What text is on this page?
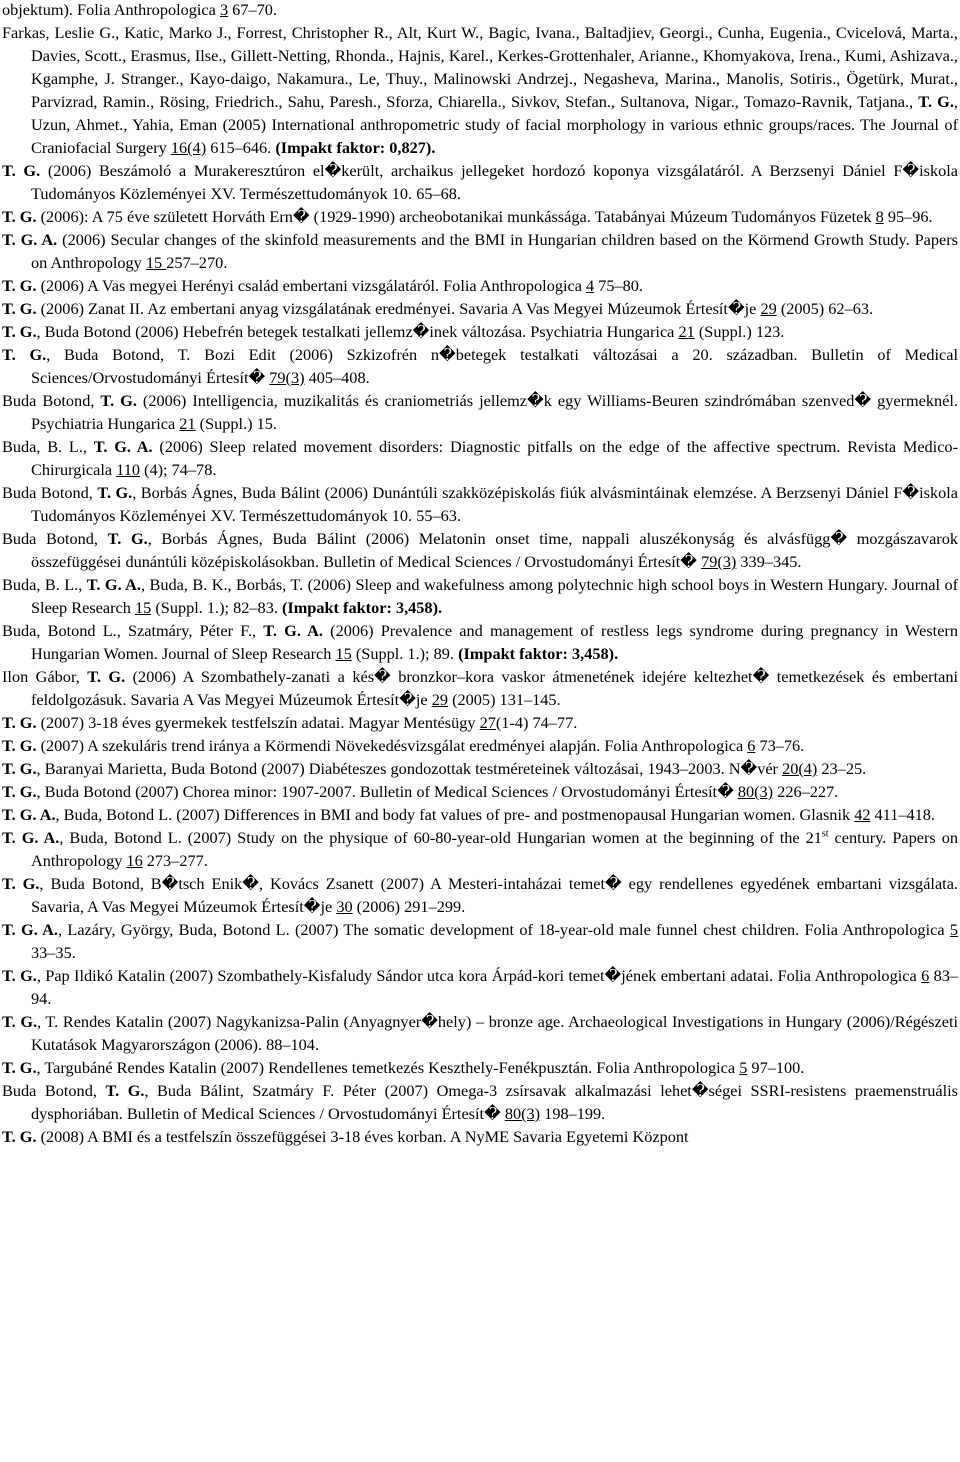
objektum). Folia Anthropologica 3 67–70.

Farkas, Leslie G., Katic, Marko J., Forrest, Christopher R., Alt, Kurt W., Bagic, Ivana., Baltadjiev, Georgi., Cunha, Eugenia., Cvicelová, Marta., Davies, Scott., Erasmus, Ilse., Gillett-Netting, Rhonda., Hajnis, Karel., Kerkes-Grottenhaler, Arianne., Khomyakova, Irena., Kumi, Ashizava., Kgamphe, J. Stranger., Kayo-daigo, Nakamura., Le, Thuy., Malinowski Andrzej., Negasheva, Marina., Manolis, Sotiris., Ögetürk, Murat., Parvizrad, Ramin., Rösing, Friedrich., Sahu, Paresh., Sforza, Chiarella., Sivkov, Stefan., Sultanova, Nigar., Tomazo-Ravnik, Tatjana., T. G., Uzun, Ahmet., Yahia, Eman (2005) International anthropometric study of facial morphology in various ethnic groups/races. The Journal of Craniofacial Surgery 16(4) 615–646. (Impakt faktor: 0,827).

T. G. (2006) Beszámoló a Murakeresztúron el�került, archaikus jellegeket hordozó koponya vizsgálatáról. A Berzsenyi Dániel F�iskola Tudományos Közleményei XV. Természettudományok 10. 65–68.

T. G. (2006): A 75 éve született Horváth Ern� (1929-1990) archeobotanikai munkássága. Tatabányai Múzeum Tudományos Füzetek 8 95–96.

T. G. A. (2006) Secular changes of the skinfold measurements and the BMI in Hungarian children based on the Körmend Growth Study. Papers on Anthropology 15 257–270.

T. G. (2006) A Vas megyei Herényi család embertani vizsgálatáról. Folia Anthropologica 4 75–80.

T. G. (2006) Zanat II. Az embertani anyag vizsgálatának eredményei. Savaria A Vas Megyei Múzeumok Értesít�je 29 (2005) 62–63.

T. G., Buda Botond (2006) Hebefrén betegek testalkati jellemz�inek változása. Psychiatria Hungarica 21 (Suppl.) 123.

T. G., Buda Botond, T. Bozi Edit (2006) Szkizofrén n�betegek testalkati változásai a 20. században. Bulletin of Medical Sciences/Orvostudományi Értesít� 79(3) 405–408.

Buda Botond, T. G. (2006) Intelligencia, muzikalitás és craniometriás jellemz�k egy Williams-Beuren szindrómában szenved� gyermeknél. Psychiatria Hungarica 21 (Suppl.) 15.

Buda, B. L., T. G. A. (2006) Sleep related movement disorders: Diagnostic pitfalls on the edge of the affective spectrum. Revista Medico-Chirurgicala 110 (4); 74–78.

Buda Botond, T. G., Borbás Ágnes, Buda Bálint (2006) Dunántúli szakközépiskolás fiúk alvásmintáinak elemzése. A Berzsenyi Dániel F�iskola Tudományos Közleményei XV. Természettudományok 10. 55–63.

Buda Botond, T. G., Borbás Ágnes, Buda Bálint (2006) Melatonin onset time, nappali aluszékonyság és alvásfügg� mozgászavarok összefüggései dunántúli középiskolásokban. Bulletin of Medical Sciences / Orvostudományi Értesít� 79(3) 339–345.

Buda, B. L., T. G. A., Buda, B. K., Borbás, T. (2006) Sleep and wakefulness among polytechnic high school boys in Western Hungary. Journal of Sleep Research 15 (Suppl. 1.); 82–83. (Impakt faktor: 3,458).

Buda, Botond L., Szatmáry, Péter F., T. G. A. (2006) Prevalence and management of restless legs syndrome during pregnancy in Western Hungarian Women. Journal of Sleep Research 15 (Suppl. 1.); 89. (Impakt faktor: 3,458).

Ilon Gábor, T. G. (2006) A Szombathely-zanati a kés� bronzkor–kora vaskor átmenetének idejére keltezhet� temetkezések és embertani feldolgozásuk. Savaria A Vas Megyei Múzeumok Értesít�je 29 (2005) 131–145.

T. G. (2007) 3-18 éves gyermekek testfelszín adatai. Magyar Mentésügy 27(1-4) 74–77.

T. G. (2007) A szekuláris trend iránya a Körmendi Növekedésvizsgálat eredményei alapján. Folia Anthropologica 6 73–76.

T. G., Baranyai Marietta, Buda Botond (2007) Diabéteszes gondozottak testméreteinek változásai, 1943–2003. N�vér 20(4) 23–25.

T. G., Buda Botond (2007) Chorea minor: 1907-2007. Bulletin of Medical Sciences / Orvostudományi Értesít� 80(3) 226–227.

T. G. A., Buda, Botond L. (2007) Differences in BMI and body fat values of pre- and postmenopausal Hungarian women. Glasnik 42 411–418.

T. G. A., Buda, Botond L. (2007) Study on the physique of 60-80-year-old Hungarian women at the beginning of the 21st century. Papers on Anthropology 16 273–277.

T. G., Buda Botond, B�tsch Enik�, Kovács Zsanett (2007) A Mesteri-intaházai temet� egy rendellenes egyedének embartani vizsgálata. Savaria, A Vas Megyei Múzeumok Értesít�je 30 (2006) 291–299.

T. G. A., Lazáry, György, Buda, Botond L. (2007) The somatic development of 18-year-old male funnel chest children. Folia Anthropologica 5 33–35.

T. G., Pap Ildikó Katalin (2007) Szombathely-Kisfaludy Sándor utca kora Árpád-kori temet�jének embertani adatai. Folia Anthropologica 6 83–94.

T. G., T. Rendes Katalin (2007) Nagykanizsa-Palin (Anyagnyer�hely) – bronze age. Archaeological Investigations in Hungary (2006)/Régészeti Kutatások Magyarországon (2006). 88–104.

T. G., Targubáné Rendes Katalin (2007) Rendellenes temetkezés Keszthely-Fenékpusztán. Folia Anthropologica 5 97–100.

Buda Botond, T. G., Buda Bálint, Szatmáry F. Péter (2007) Omega-3 zsírsavak alkalmazási lehet�ségei SSRI-resistens praemenstruális dysphoriában. Bulletin of Medical Sciences / Orvostudományi Értesít� 80(3) 198–199.

T. G. (2008) A BMI és a testfelszín összefüggései 3-18 éves korban. A NyME Savaria Egyetemi Központ
